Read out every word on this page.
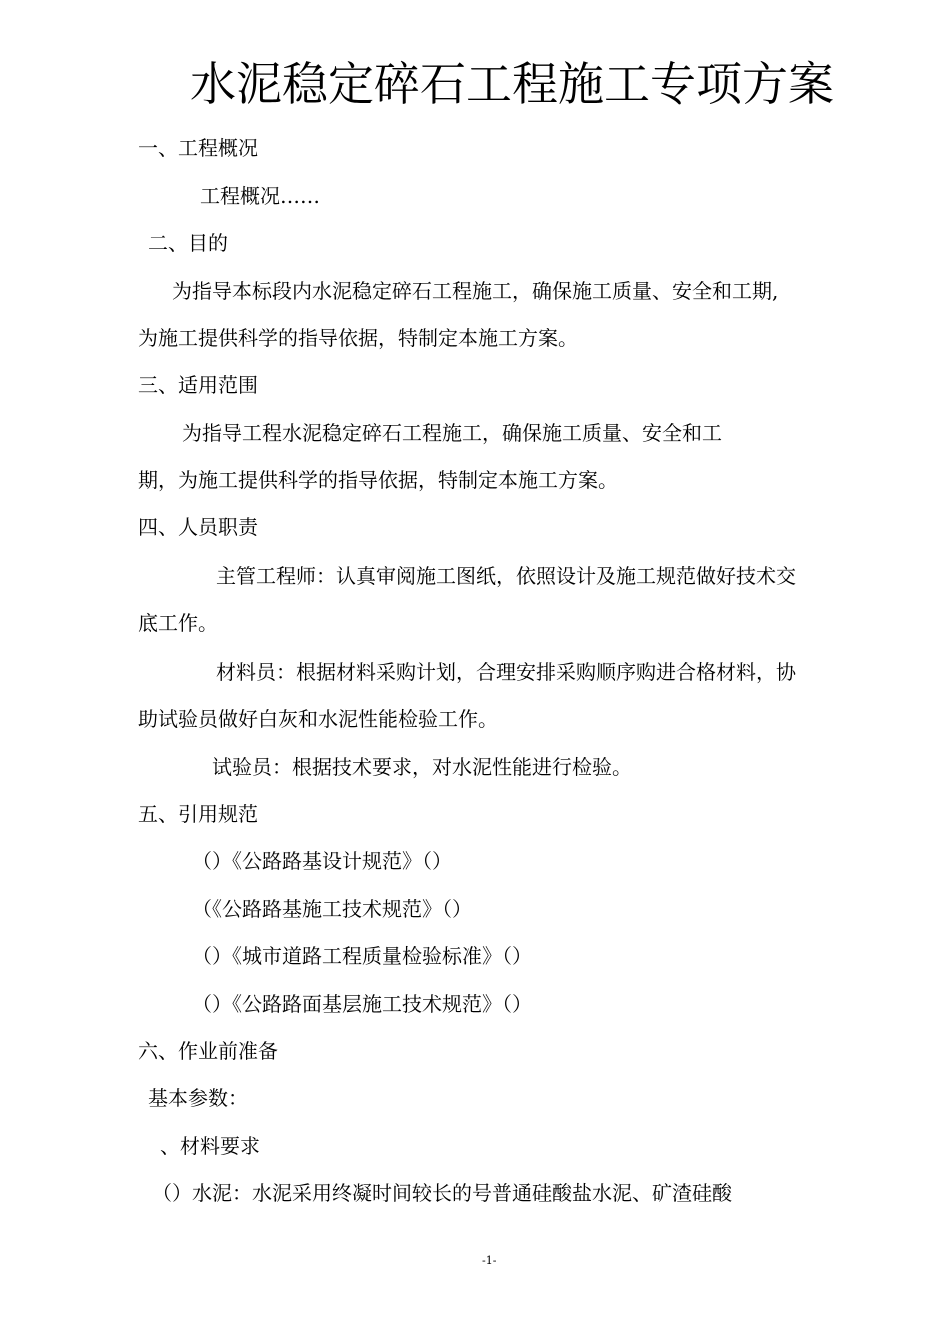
水泥稳定碎石工程施工专项方案

一、工程概况

工程概况……

二、目的

为指导本标段内水泥稳定碎石工程施工，确保施工质量、安全和工期,

为施工提供科学的指导依据，特制定本施工方案。

三、适用范围

为指导工程水泥稳定碎石工程施工，确保施工质量、安全和工

期，为施工提供科学的指导依据，特制定本施工方案。

四、人员职责

主管工程师：认真审阅施工图纸，依照设计及施工规范做好技术交

底工作。

材料员：根据材料采购计划，合理安排采购顺序购进合格材料，协

助试验员做好白灰和水泥性能检验工作。

试验员：根据技术要求，对水泥性能进行检验。

五、引用规范

（）《公路路基设计规范》（）

（《公路路基施工技术规范》（）

（）《城市道路工程质量检验标准》（）

（）《公路路面基层施工技术规范》（）

六、作业前准备

基本参数：

、材料要求

（）水泥：水泥采用终凝时间较长的号普通硅酸盐水泥、矿渣硅酸

-1-
